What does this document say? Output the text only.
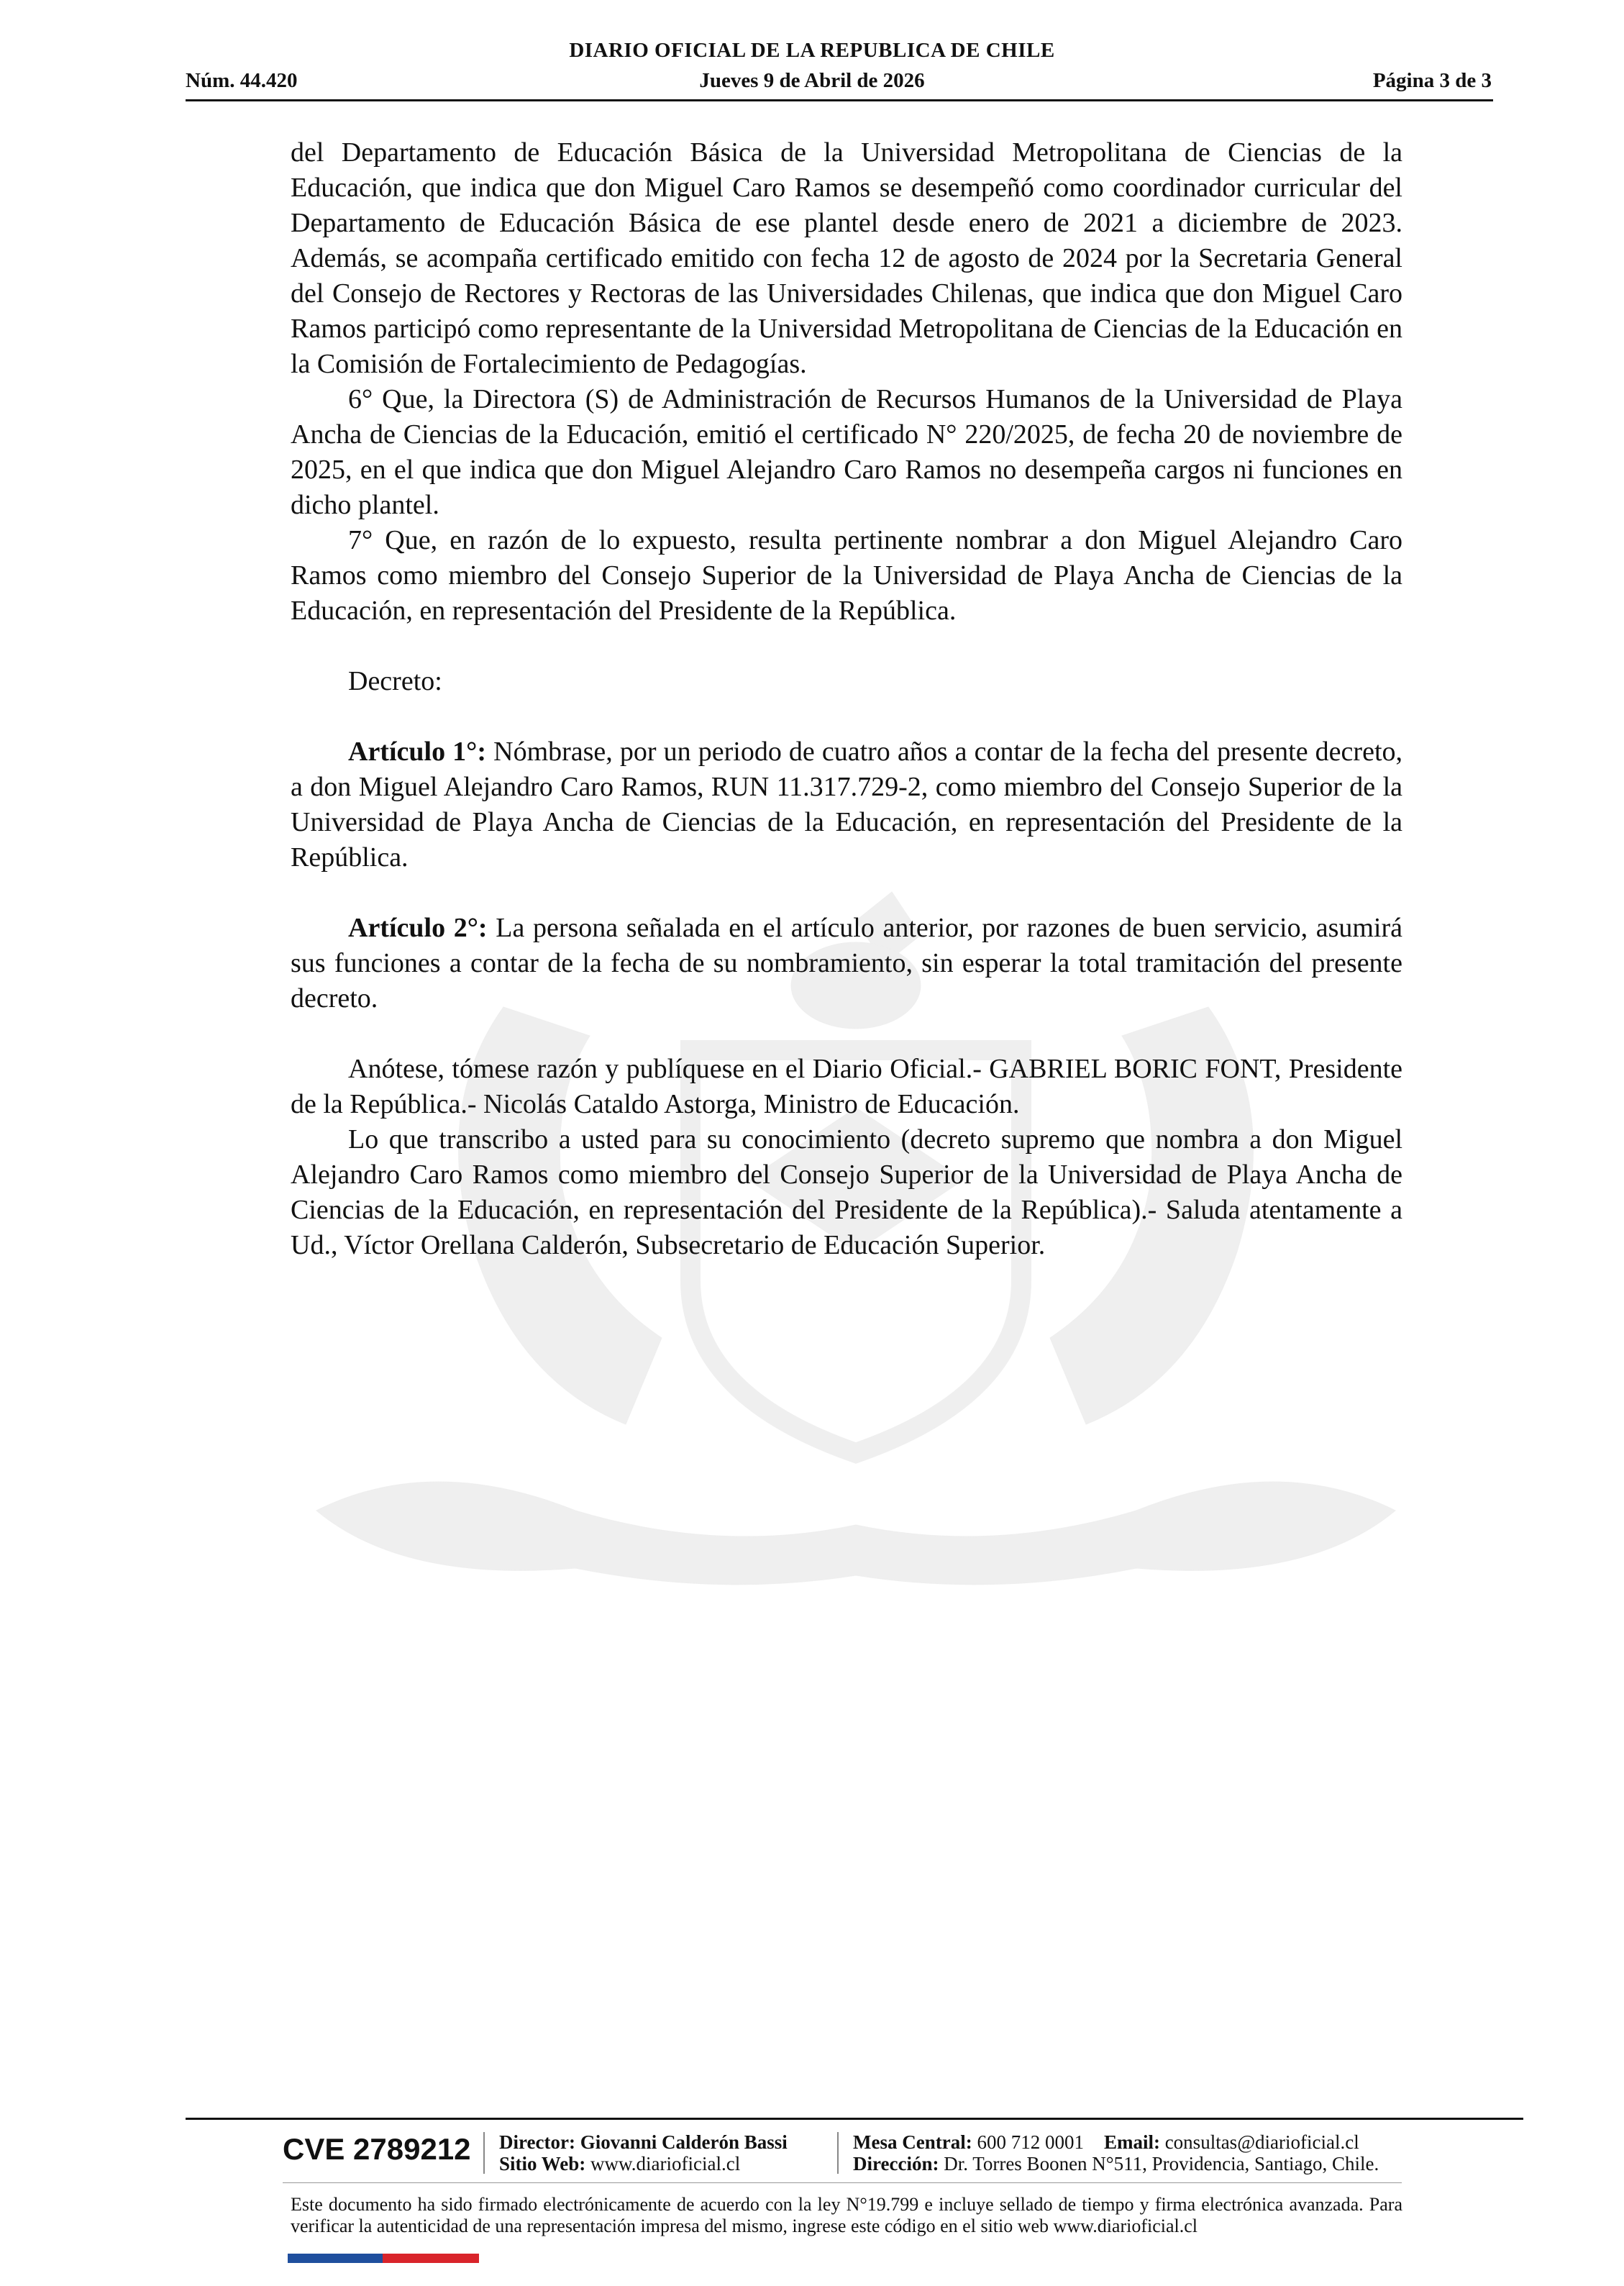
DIARIO OFICIAL DE LA REPUBLICA DE CHILE
Núm. 44.420	Jueves 9 de Abril de 2026	Página 3 de 3

del Departamento de Educación Básica de la Universidad Metropolitana de Ciencias de la Educación, que indica que don Miguel Caro Ramos se desempeñó como coordinador curricular del Departamento de Educación Básica de ese plantel desde enero de 2021 a diciembre de 2023. Además, se acompaña certificado emitido con fecha 12 de agosto de 2024 por la Secretaria General del Consejo de Rectores y Rectoras de las Universidades Chilenas, que indica que don Miguel Caro Ramos participó como representante de la Universidad Metropolitana de Ciencias de la Educación en la Comisión de Fortalecimiento de Pedagogías.

6° Que, la Directora (S) de Administración de Recursos Humanos de la Universidad de Playa Ancha de Ciencias de la Educación, emitió el certificado N° 220/2025, de fecha 20 de noviembre de 2025, en el que indica que don Miguel Alejandro Caro Ramos no desempeña cargos ni funciones en dicho plantel.

7° Que, en razón de lo expuesto, resulta pertinente nombrar a don Miguel Alejandro Caro Ramos como miembro del Consejo Superior de la Universidad de Playa Ancha de Ciencias de la Educación, en representación del Presidente de la República.

Decreto:

Artículo 1°: Nómbrase, por un periodo de cuatro años a contar de la fecha del presente decreto, a don Miguel Alejandro Caro Ramos, RUN 11.317.729-2, como miembro del Consejo Superior de la Universidad de Playa Ancha de Ciencias de la Educación, en representación del Presidente de la República.

Artículo 2°: La persona señalada en el artículo anterior, por razones de buen servicio, asumirá sus funciones a contar de la fecha de su nombramiento, sin esperar la total tramitación del presente decreto.

Anótese, tómese razón y publíquese en el Diario Oficial.- GABRIEL BORIC FONT, Presidente de la República.- Nicolás Cataldo Astorga, Ministro de Educación.

Lo que transcribo a usted para su conocimiento (decreto supremo que nombra a don Miguel Alejandro Caro Ramos como miembro del Consejo Superior de la Universidad de Playa Ancha de Ciencias de la Educación, en representación del Presidente de la República).- Saluda atentamente a Ud., Víctor Orellana Calderón, Subsecretario de Educación Superior.

CVE 2789212 Director: Giovanni Calderón Bassi
Sitio Web: www.diarioficial.cl
Mesa Central: 600 712 0001 Email: consultas@diarioficial.cl
Dirección: Dr. Torres Boonen N°511, Providencia, Santiago, Chile.
Este documento ha sido firmado electrónicamente de acuerdo con la ley N°19.799 e incluye sellado de tiempo y firma electrónica avanzada. Para verificar la autenticidad de una representación impresa del mismo, ingrese este código en el sitio web www.diarioficial.cl
